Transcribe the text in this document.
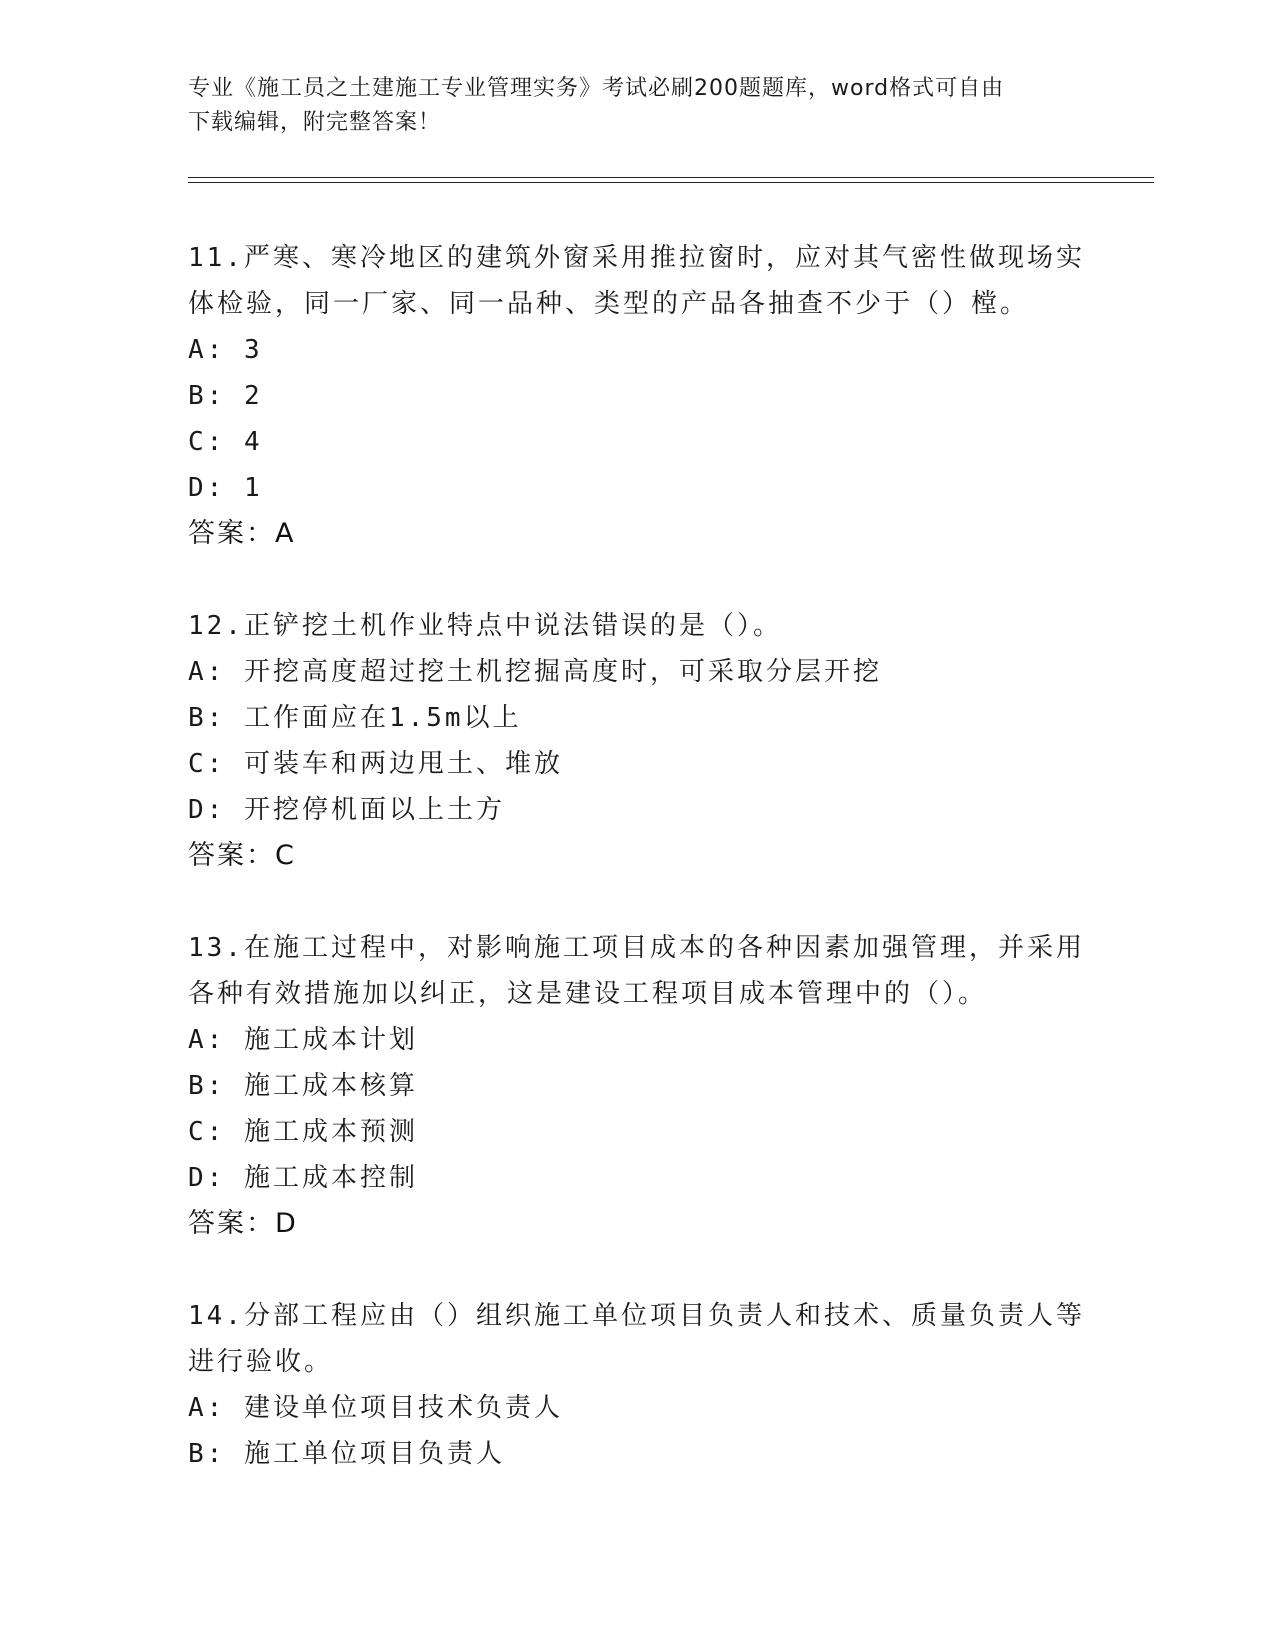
专业《施工员之土建施工专业管理实务》考试必刷200题题库，word格式可自由
下载编辑，附完整答案！

11.严寒、寒冷地区的建筑外窗采用推拉窗时，应对其气密性做现场实

体检验，同一厂家、同一品种、类型的产品各抽查不少于（）樘。

A: 3

B: 2

C: 4

D: 1

答案：A

12.正铲挖土机作业特点中说法错误的是（）。

A: 开挖高度超过挖土机挖掘高度时，可采取分层开挖

B: 工作面应在1.5m以上

C: 可装车和两边甩土、堆放

D: 开挖停机面以上土方

答案：C

13.在施工过程中，对影响施工项目成本的各种因素加强管理，并采用

各种有效措施加以纠正，这是建设工程项目成本管理中的（）。

A: 施工成本计划

B: 施工成本核算

C: 施工成本预测

D: 施工成本控制

答案：D

14.分部工程应由（）组织施工单位项目负责人和技术、质量负责人等

进行验收。

A: 建设单位项目技术负责人

B: 施工单位项目负责人
